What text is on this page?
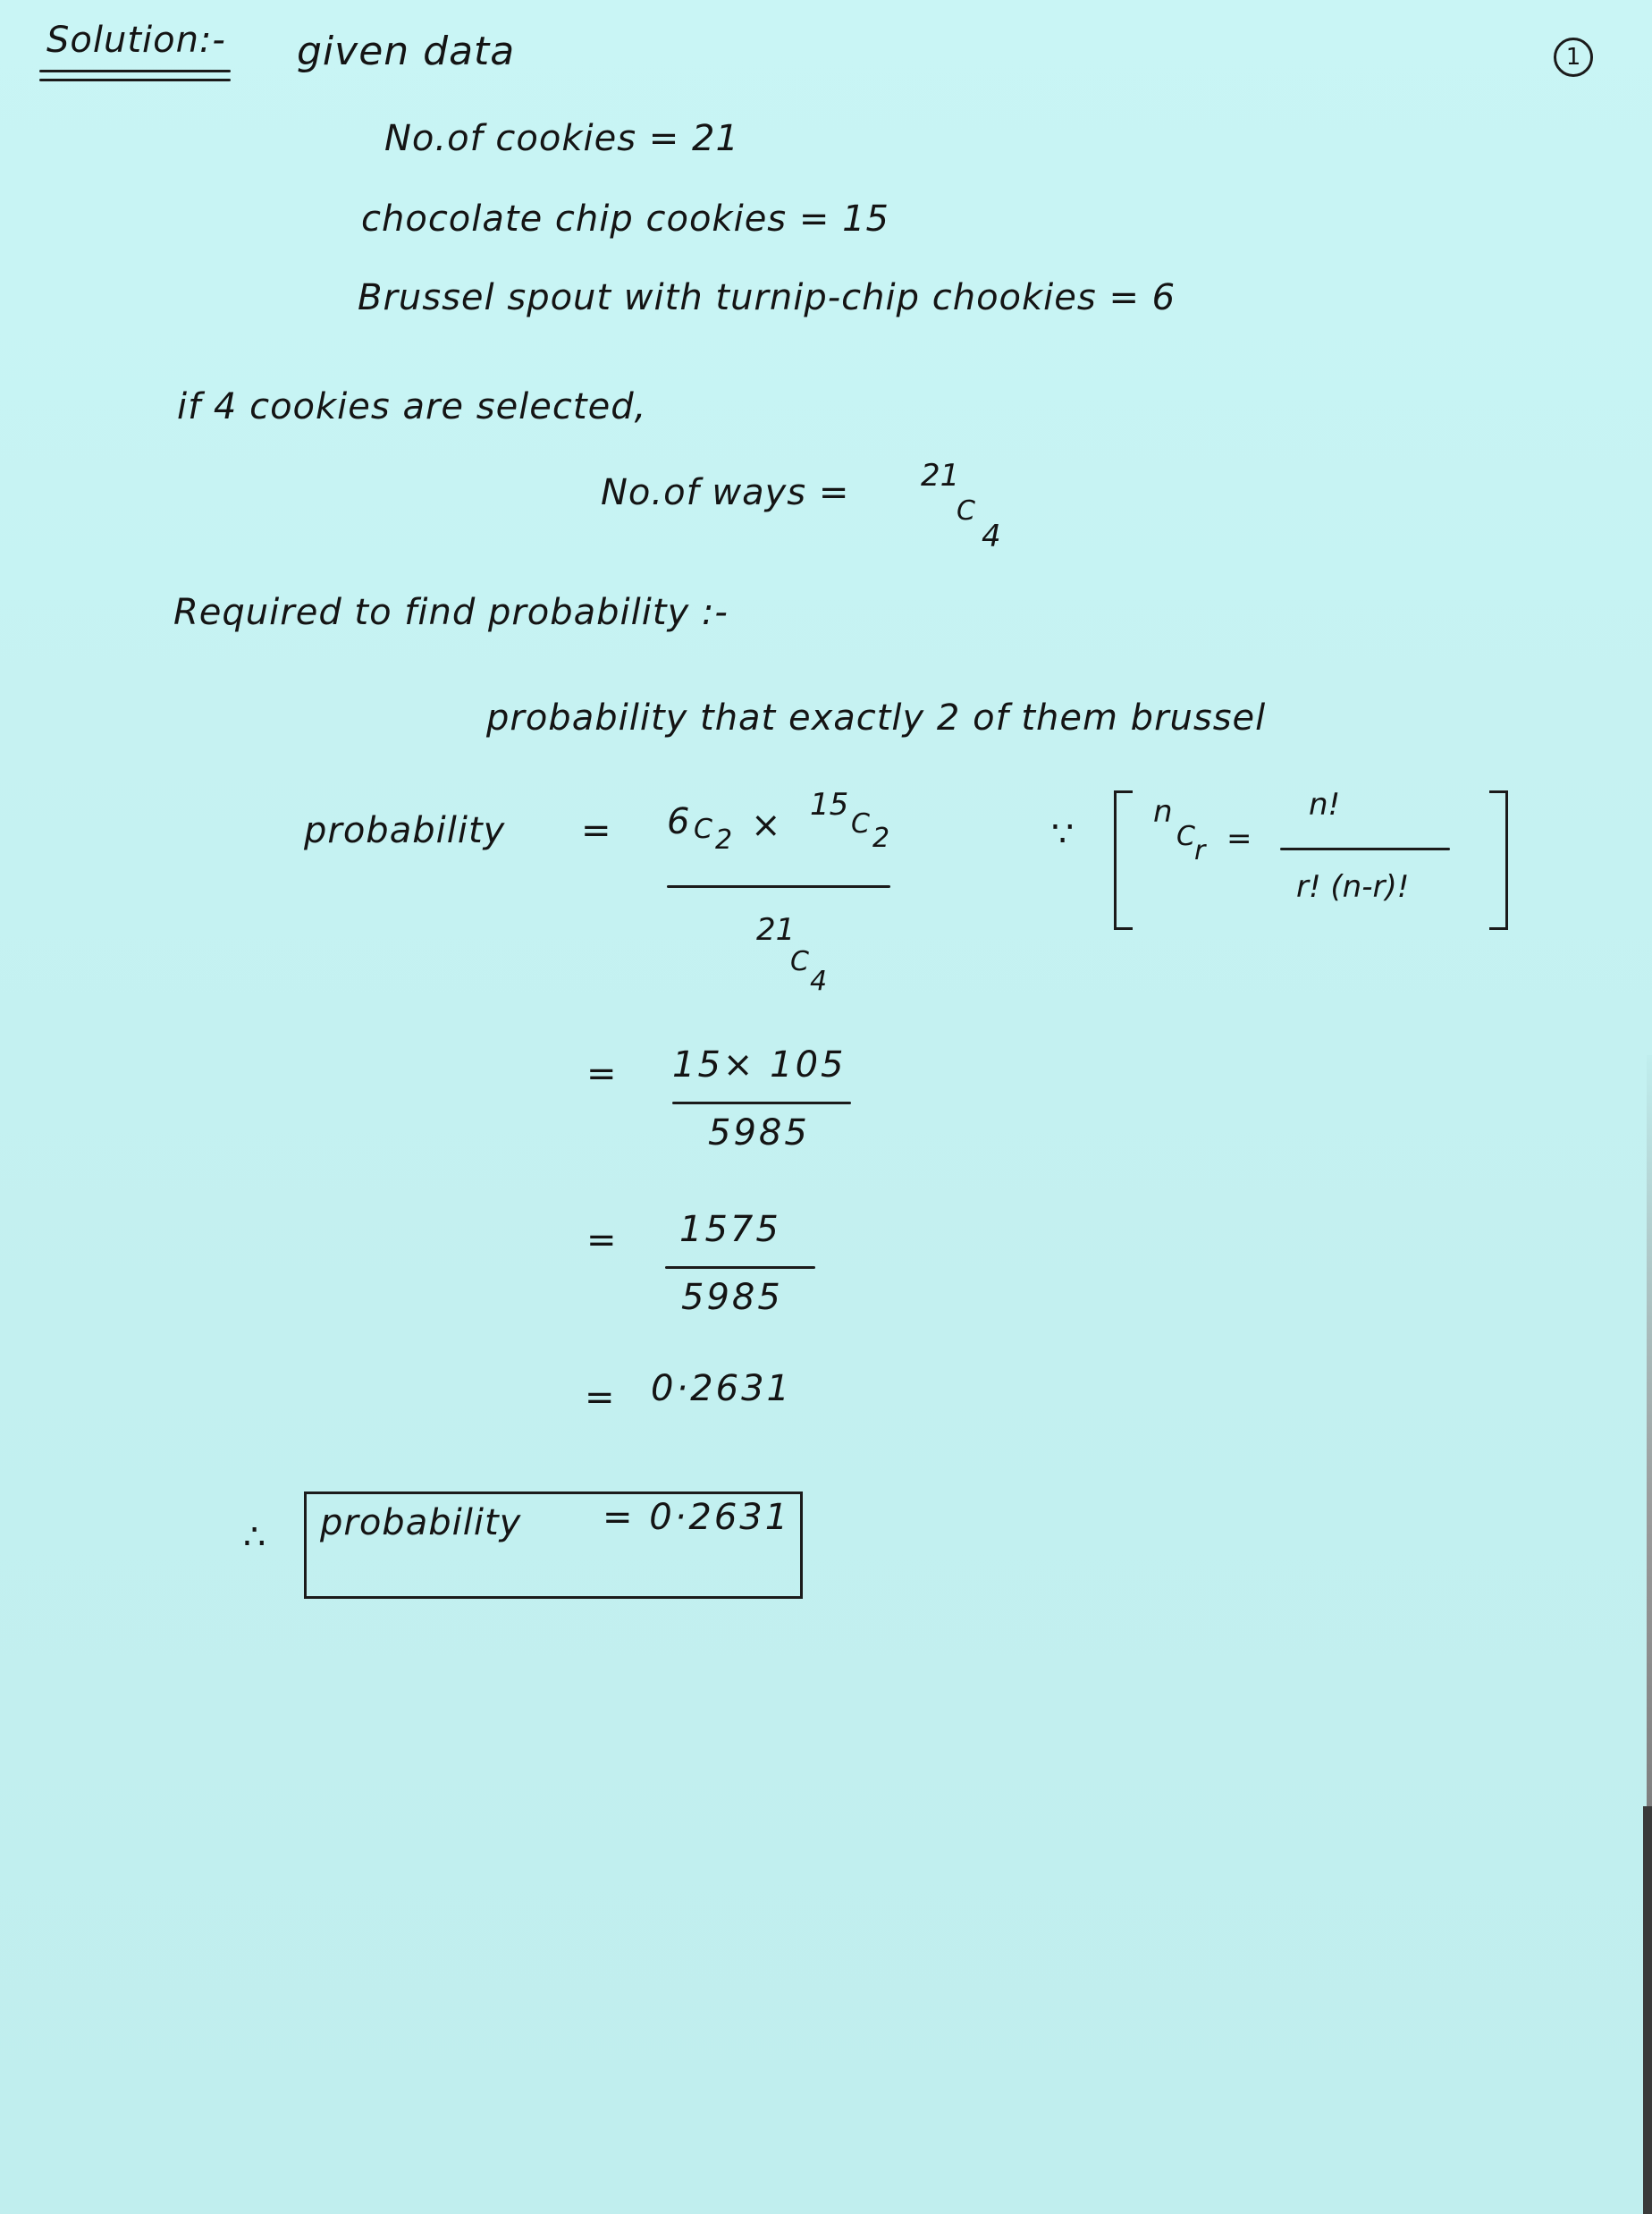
Solution:- given data	1
No.of cookies = 21
chocolate chip cookies = 15
Brussel spout with turnip-chip chookies = 6
if 4 cookies are selected,
No.of ways = 21
C
4
Required to find probability :-
probability that exactly 2 of them brussel
probability = 6 C 2 × 15
C 2
21
C
4
∵
n
C r =
n!
r! (n-r)!
= 15× 105
5985
= 1575
5985
= 0·2631
∴ probability = 0·2631
